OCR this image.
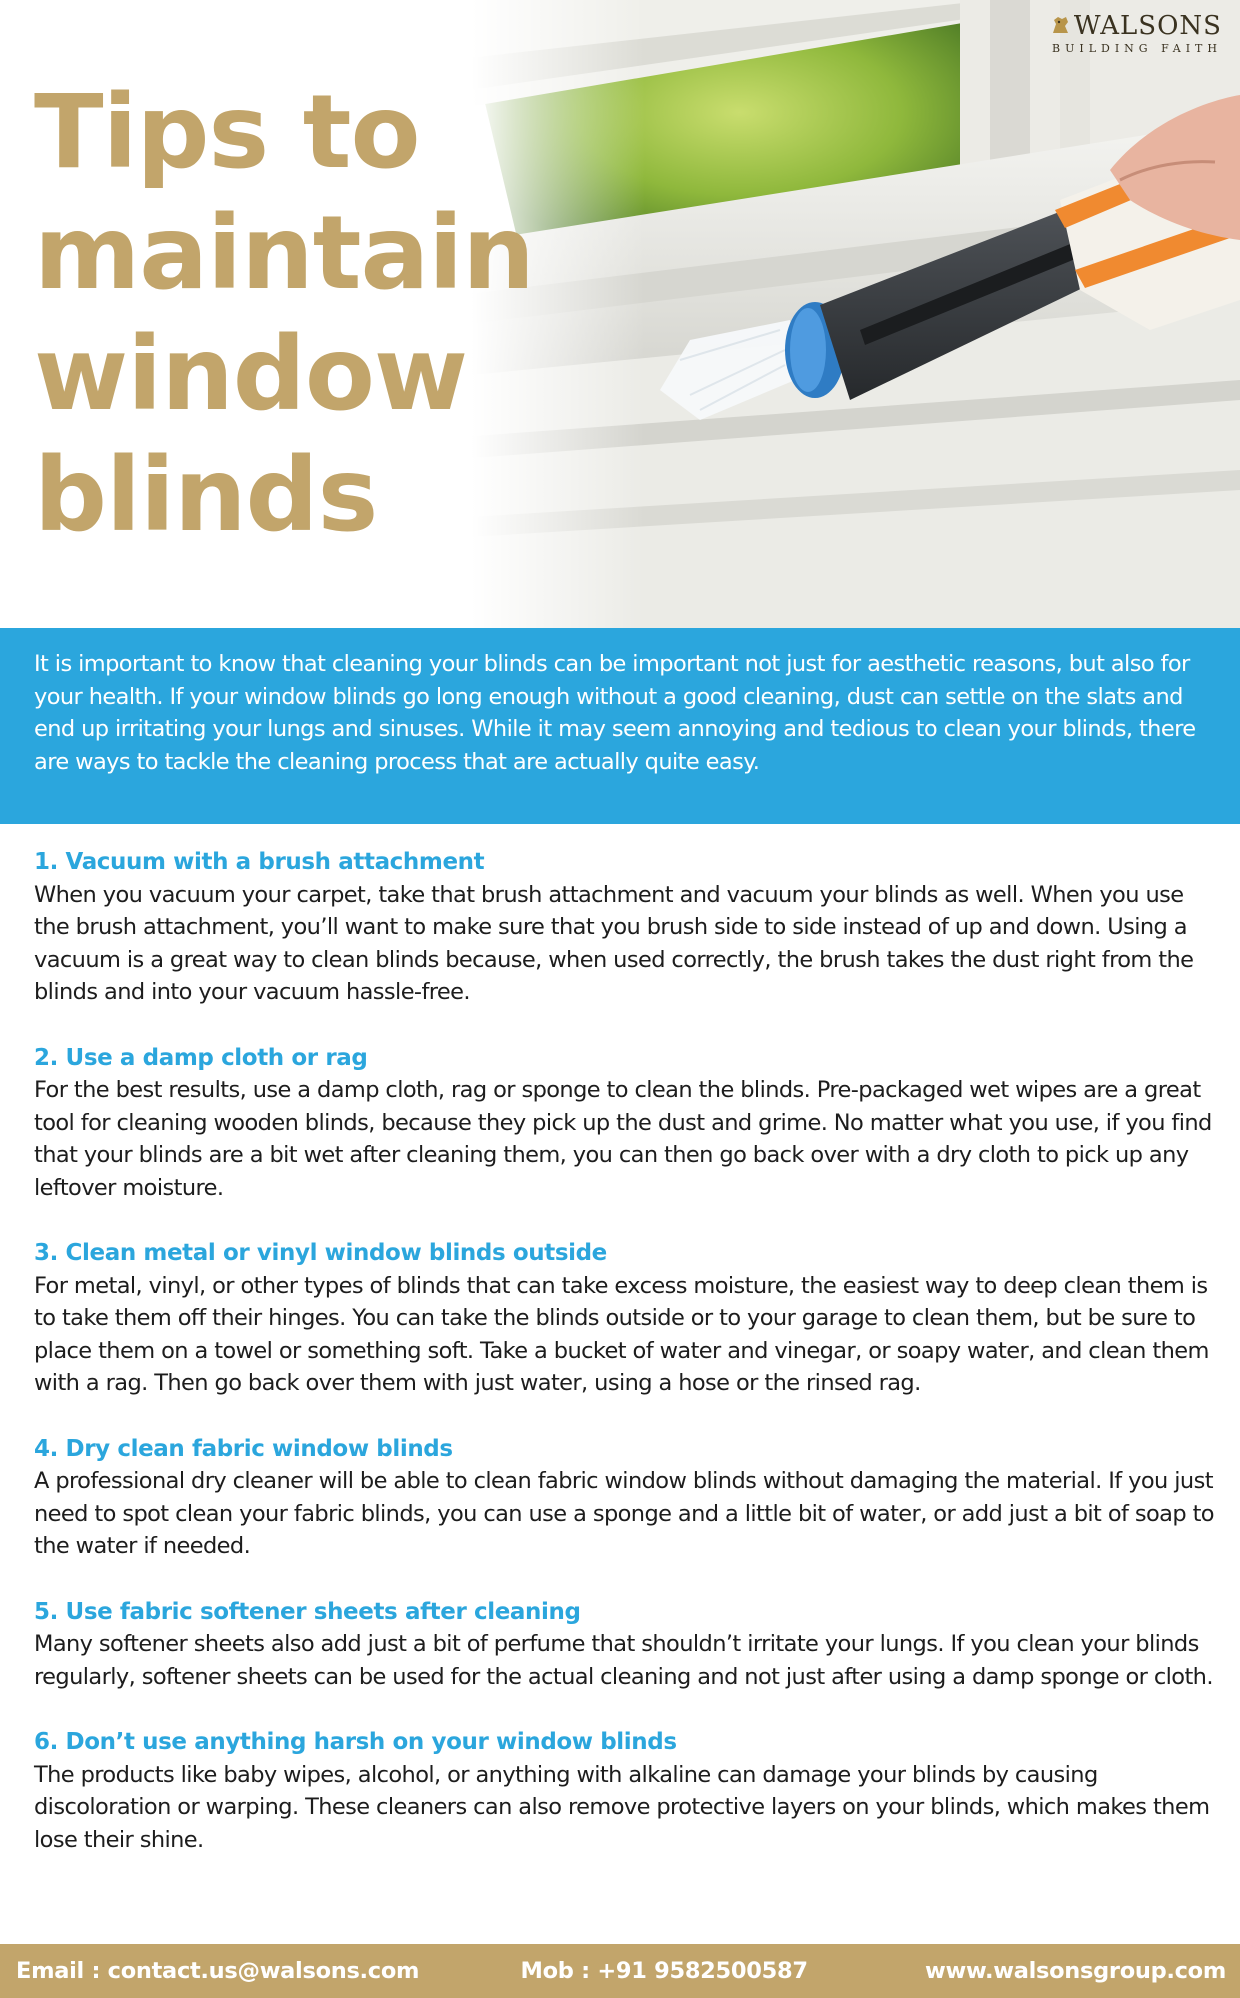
Tips to
maintain
window
blinds
WALSONS
BUILDING FAITH

It is important to know that cleaning your blinds can be important not just for aesthetic reasons, but also for your health. If your window blinds go long enough without a good cleaning, dust can settle on the slats and end up irritating your lungs and sinuses. While it may seem annoying and tedious to clean your blinds, there are ways to tackle the cleaning process that are actually quite easy.

1. Vacuum with a brush attachment

When you vacuum your carpet, take that brush attachment and vacuum your blinds as well. When you use the brush attachment, you’ll want to make sure that you brush side to side instead of up and down. Using a vacuum is a great way to clean blinds because, when used correctly, the brush takes the dust right from the blinds and into your vacuum hassle-free.

2. Use a damp cloth or rag

For the best results, use a damp cloth, rag or sponge to clean the blinds. Pre-packaged wet wipes are a great tool for cleaning wooden blinds, because they pick up the dust and grime. No matter what you use, if you find that your blinds are a bit wet after cleaning them, you can then go back over with a dry cloth to pick up any leftover moisture.

3. Clean metal or vinyl window blinds outside

For metal, vinyl, or other types of blinds that can take excess moisture, the easiest way to deep clean them is to take them off their hinges. You can take the blinds outside or to your garage to clean them, but be sure to place them on a towel or something soft. Take a bucket of water and vinegar, or soapy water, and clean them with a rag. Then go back over them with just water, using a hose or the rinsed rag.

4. Dry clean fabric window blinds

A professional dry cleaner will be able to clean fabric window blinds without damaging the material. If you just need to spot clean your fabric blinds, you can use a sponge and a little bit of water, or add just a bit of soap to the water if needed.

5. Use fabric softener sheets after cleaning

Many softener sheets also add just a bit of perfume that shouldn’t irritate your lungs. If you clean your blinds regularly, softener sheets can be used for the actual cleaning and not just after using a damp sponge or cloth.

6. Don’t use anything harsh on your window blinds

The products like baby wipes, alcohol, or anything with alkaline can damage your blinds by causing discoloration or warping. These cleaners can also remove protective layers on your blinds, which makes them lose their shine.

Email : contact.us@walsons.com	Mob : +91 9582500587	www.walsonsgroup.com
